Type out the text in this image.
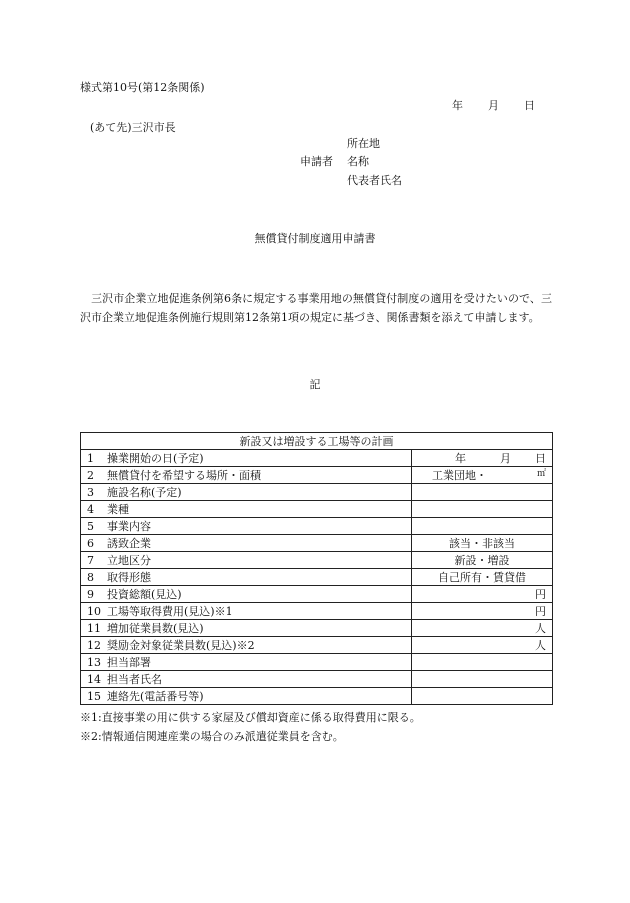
様式第10号(第12条関係)
年 月 日
(あて先)三沢市長
所在地
申請者 名称
代表者氏名
無償貸付制度適用申請書
　三沢市企業立地促進条例第6条に規定する事業用地の無償貸付制度の適用を受けたいので、三沢市企業立地促進条例施行規則第12条第1項の規定に基づき、関係書類を添えて申請します。
記
新設又は増設する工場等の計画	
1 操業開始の日(予定)	年 月 日

2 無償貸付を希望する場所・面積	工業団地・ ㎡

3 施設名称(予定)	
4 業種	
5 事業内容	
6 誘致企業	該当・非該当
7 立地区分	新設・増設
8 取得形態	自己所有・賃貸借
9 投資総額(見込)	円
10 工場等取得費用(見込)※1	円
11 増加従業員数(見込)	人
12 奨励金対象従業員数(見込)※2	人
13 担当部署	
14 担当者氏名	
15 連絡先(電話番号等)	
※1:直接事業の用に供する家屋及び償却資産に係る取得費用に限る。
※2:情報通信関連産業の場合のみ派遣従業員を含む。
